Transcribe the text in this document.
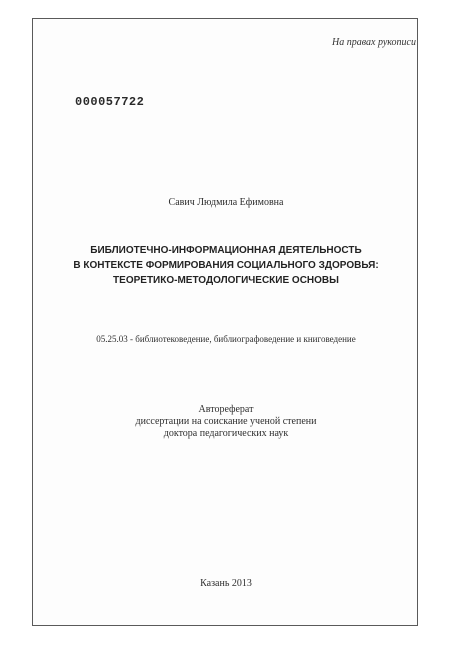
На правах рукописи
000057722
Савич Людмила Ефимовна
БИБЛИОТЕЧНО-ИНФОРМАЦИОННАЯ ДЕЯТЕЛЬНОСТЬ
В КОНТЕКСТЕ ФОРМИРОВАНИЯ СОЦИАЛЬНОГО ЗДОРОВЬЯ:
ТЕОРЕТИКО-МЕТОДОЛОГИЧЕСКИЕ ОСНОВЫ
05.25.03 - библиотековедение, библиографоведение и книговедение
Автореферат
диссертации на соискание ученой степени
доктора педагогических наук
Казань 2013
